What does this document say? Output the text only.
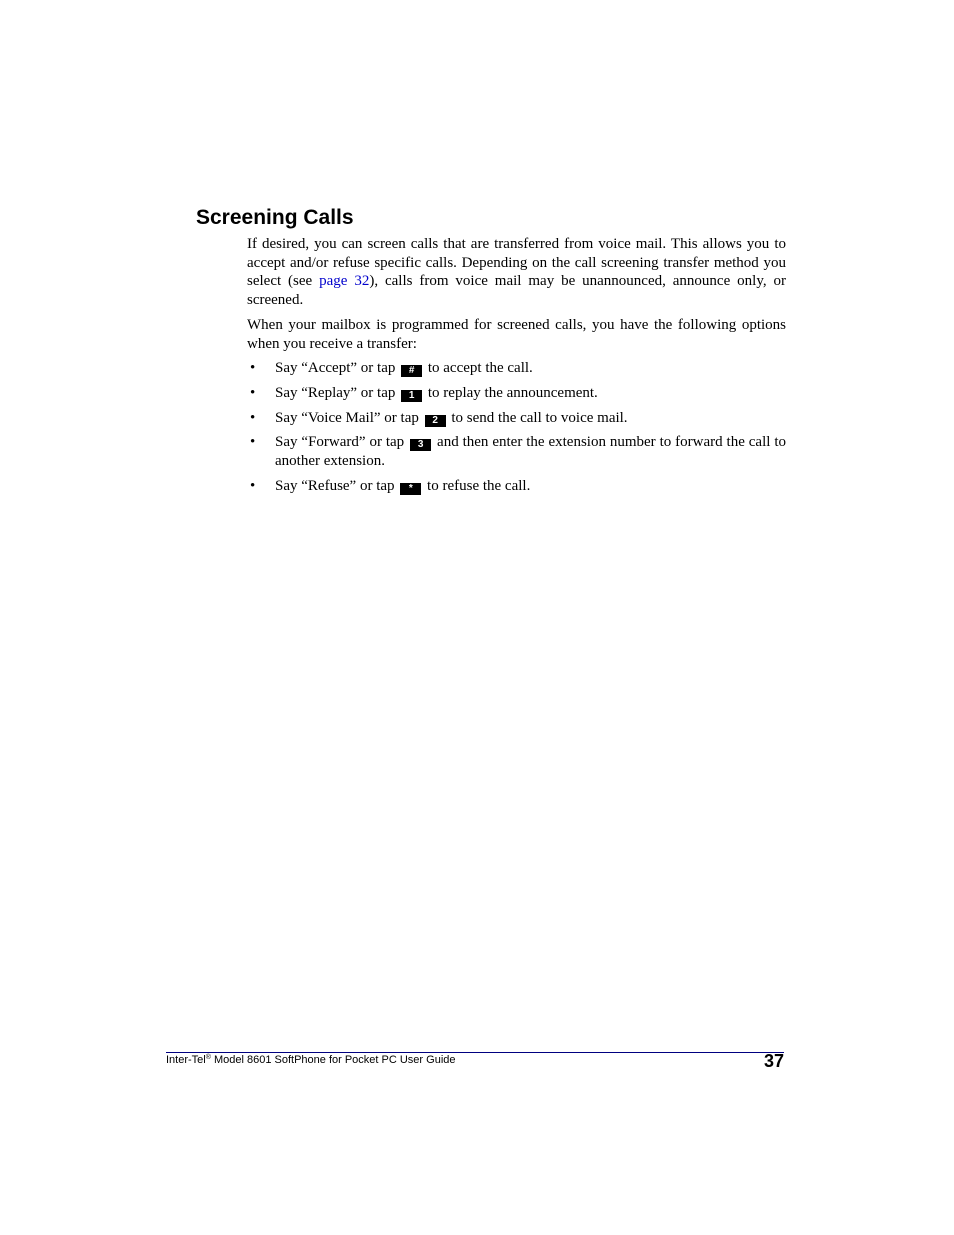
Screening Calls

If desired, you can screen calls that are transferred from voice mail. This allows you to accept and/or refuse specific calls. Depending on the call screening transfer method you select (see page 32), calls from voice mail may be unannounced, announce only, or screened.

When your mailbox is programmed for screened calls, you have the following options when you receive a transfer:

• Say “Accept” or tap # to accept the call.
• Say “Replay” or tap 1 to replay the announcement.
• Say “Voice Mail” or tap 2 to send the call to voice mail.
• Say “Forward” or tap 3 and then enter the extension number to forward the call to another extension.
• Say “Refuse” or tap * to refuse the call.
Inter-Tel® Model 8601 SoftPhone for Pocket PC User Guide	37
